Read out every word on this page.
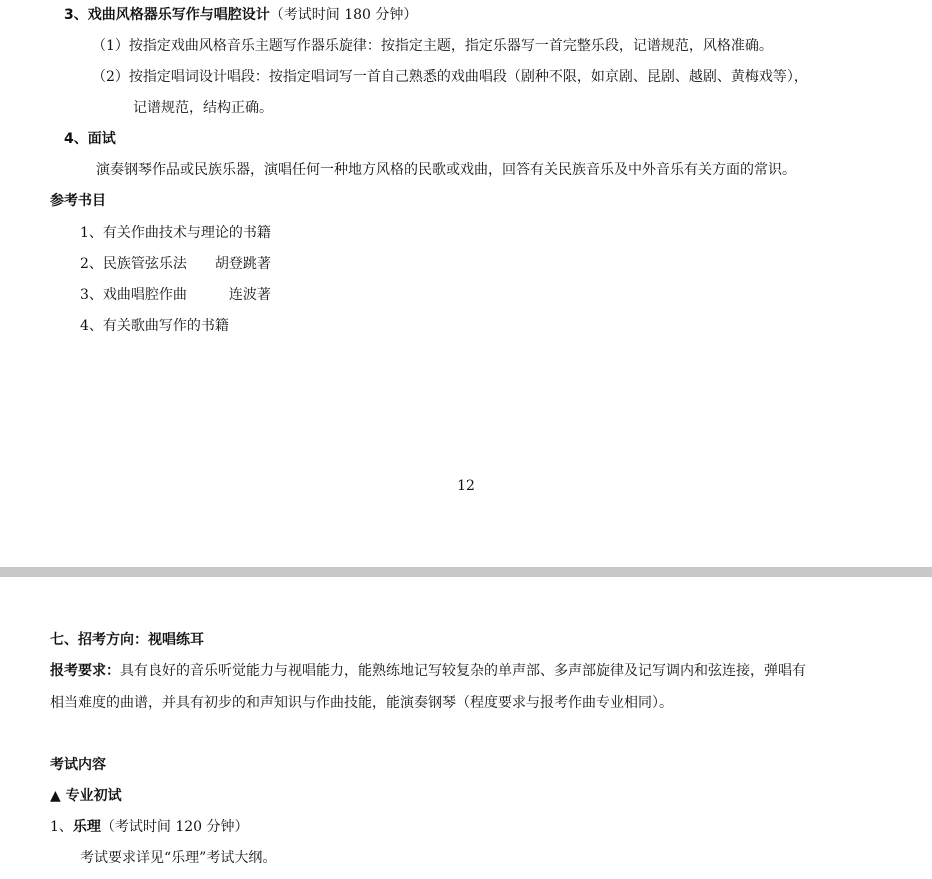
3、戏曲风格器乐写作与唱腔设计（考试时间 180 分钟）
（1）按指定戏曲风格音乐主题写作器乐旋律：按指定主题，指定乐器写一首完整乐段，记谱规范，风格准确。
（2）按指定唱词设计唱段：按指定唱词写一首自己熟悉的戏曲唱段（剧种不限，如京剧、昆剧、越剧、黄梅戏等），
记谱规范，结构正确。
4、面试
演奏钢琴作品或民族乐器，演唱任何一种地方风格的民歌或戏曲，回答有关民族音乐及中外音乐有关方面的常识。
参考书目
1、有关作曲技术与理论的书籍
2、民族管弦乐法 胡登跳著
3、戏曲唱腔作曲	连波著
4、有关歌曲写作的书籍
12
七、招考方向：视唱练耳
报考要求：具有良好的音乐听觉能力与视唱能力，能熟练地记写较复杂的单声部、多声部旋律及记写调内和弦连接，弹唱有
相当难度的曲谱，并具有初步的和声知识与作曲技能，能演奏钢琴（程度要求与报考作曲专业相同）。
考试内容
▲ 专业初试
1、乐理（考试时间 120 分钟）
考试要求详见“乐理”考试大纲。
